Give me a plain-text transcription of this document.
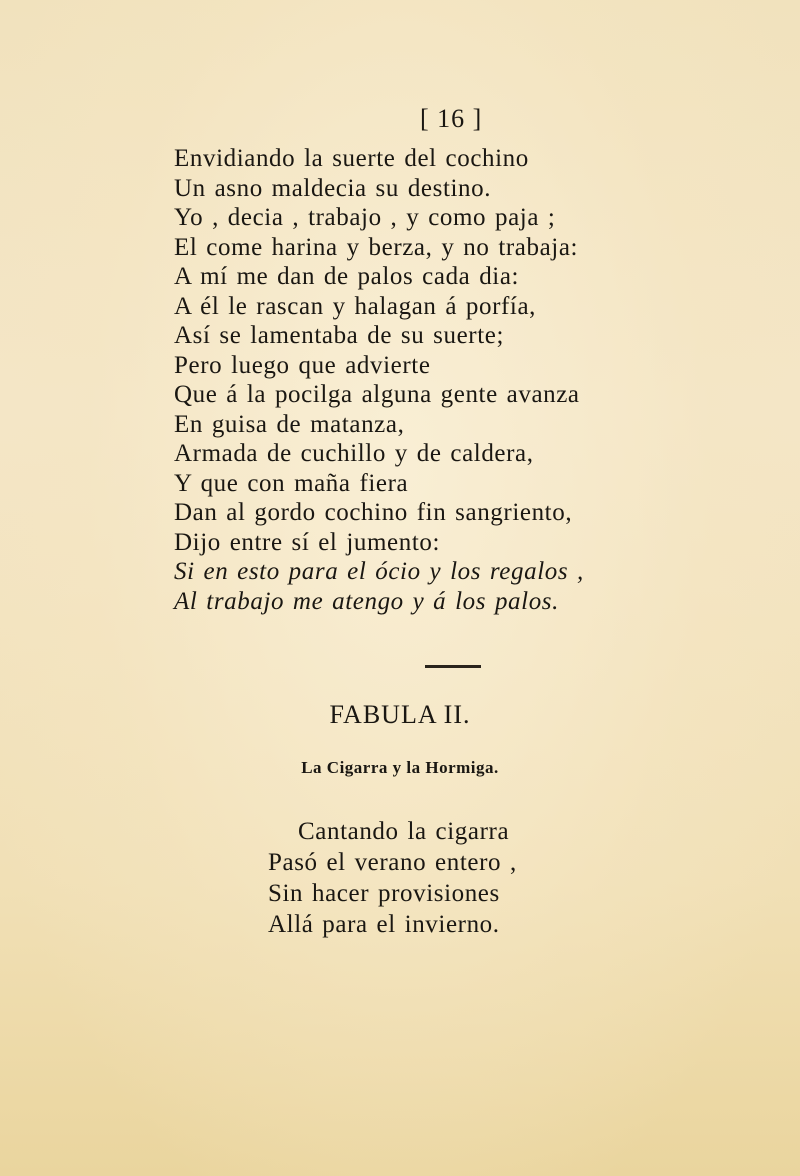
[ 16 ]
Envidiando la suerte del cochino
Un asno maldecia su destino.
Yo , decia , trabajo , y como paja ;
El come harina y berza, y no trabaja:
A mí me dan de palos cada dia:
A él le rascan y halagan á porfía,
Así se lamentaba de su suerte;
Pero luego que advierte
Que á la pocilga alguna gente avanza
En guisa de matanza,
Armada de cuchillo y de caldera,
Y que con maña fiera
Dan al gordo cochino fin sangriento,
Dijo entre sí el jumento:
Si en esto para el ócio y los regalos ,
Al trabajo me atengo y á los palos.
FABULA II.
La Cigarra y la Hormiga.
Cantando la cigarra
Pasó el verano entero ,
Sin hacer provisiones
Allá para el invierno.
